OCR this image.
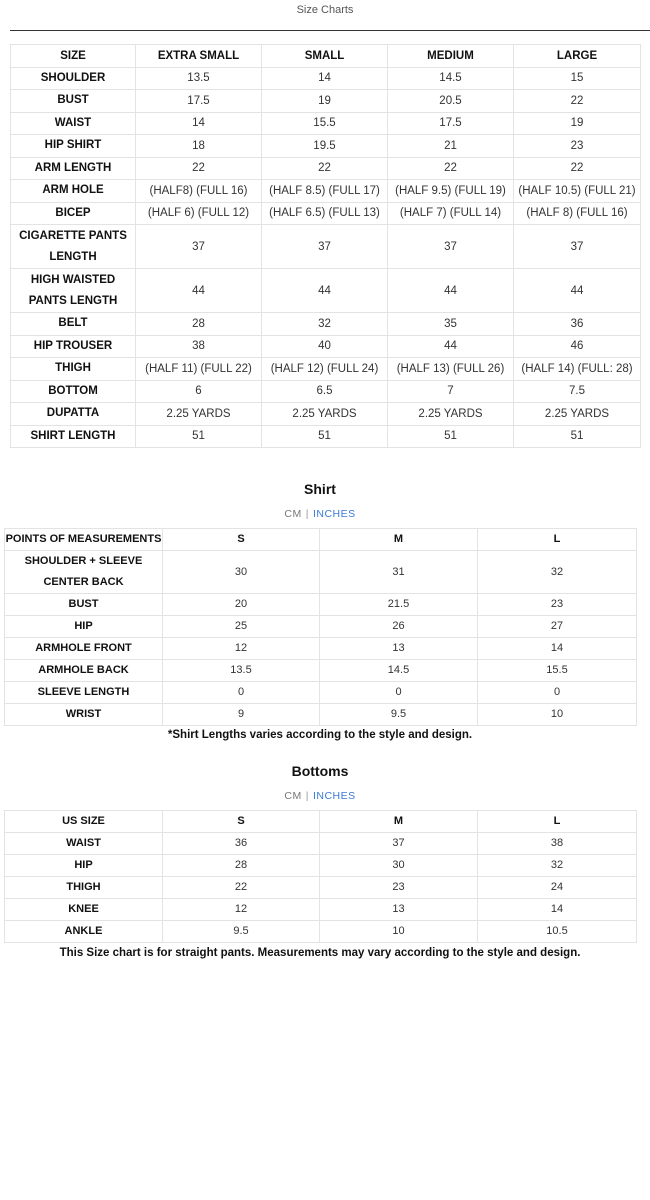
Size Charts
SIZE	EXTRA SMALL	SMALL	MEDIUM	LARGE
SHOULDER	13.5	14	14.5	15
BUST	17.5	19	20.5	22
WAIST	14	15.5	17.5	19
HIP SHIRT	18	19.5	21	23
ARM LENGTH	22	22	22	22
ARM HOLE	(HALF8) (FULL 16)	(HALF 8.5) (FULL 17)	(HALF 9.5) (FULL 19)	(HALF 10.5) (FULL 21)
BICEP	(HALF 6) (FULL 12)	(HALF 6.5) (FULL 13)	(HALF 7) (FULL 14)	(HALF 8) (FULL 16)
CIGARETTE PANTS LENGTH	37	37	37	37
HIGH WAISTED PANTS LENGTH	44	44	44	44
BELT	28	32	35	36
HIP TROUSER	38	40	44	46
THIGH	(HALF 11) (FULL 22)	(HALF 12) (FULL 24)	(HALF 13) (FULL 26)	(HALF 14) (FULL: 28)
BOTTOM	6	6.5	7	7.5
DUPATTA	2.25 YARDS	2.25 YARDS	2.25 YARDS	2.25 YARDS
SHIRT LENGTH	51	51	51	51
Shirt
CM | INCHES
POINTS OF MEASUREMENTS	S	M	L
SHOULDER + SLEEVE CENTER BACK	30	31	32
BUST	20	21.5	23
HIP	25	26	27
ARMHOLE FRONT	12	13	14
ARMHOLE BACK	13.5	14.5	15.5
SLEEVE LENGTH	0	0	0
WRIST	9	9.5	10
*Shirt Lengths varies according to the style and design.
Bottoms
CM | INCHES
US SIZE	S	M	L
WAIST	36	37	38
HIP	28	30	32
THIGH	22	23	24
KNEE	12	13	14
ANKLE	9.5	10	10.5
This Size chart is for straight pants. Measurements may vary according to the style and design.
